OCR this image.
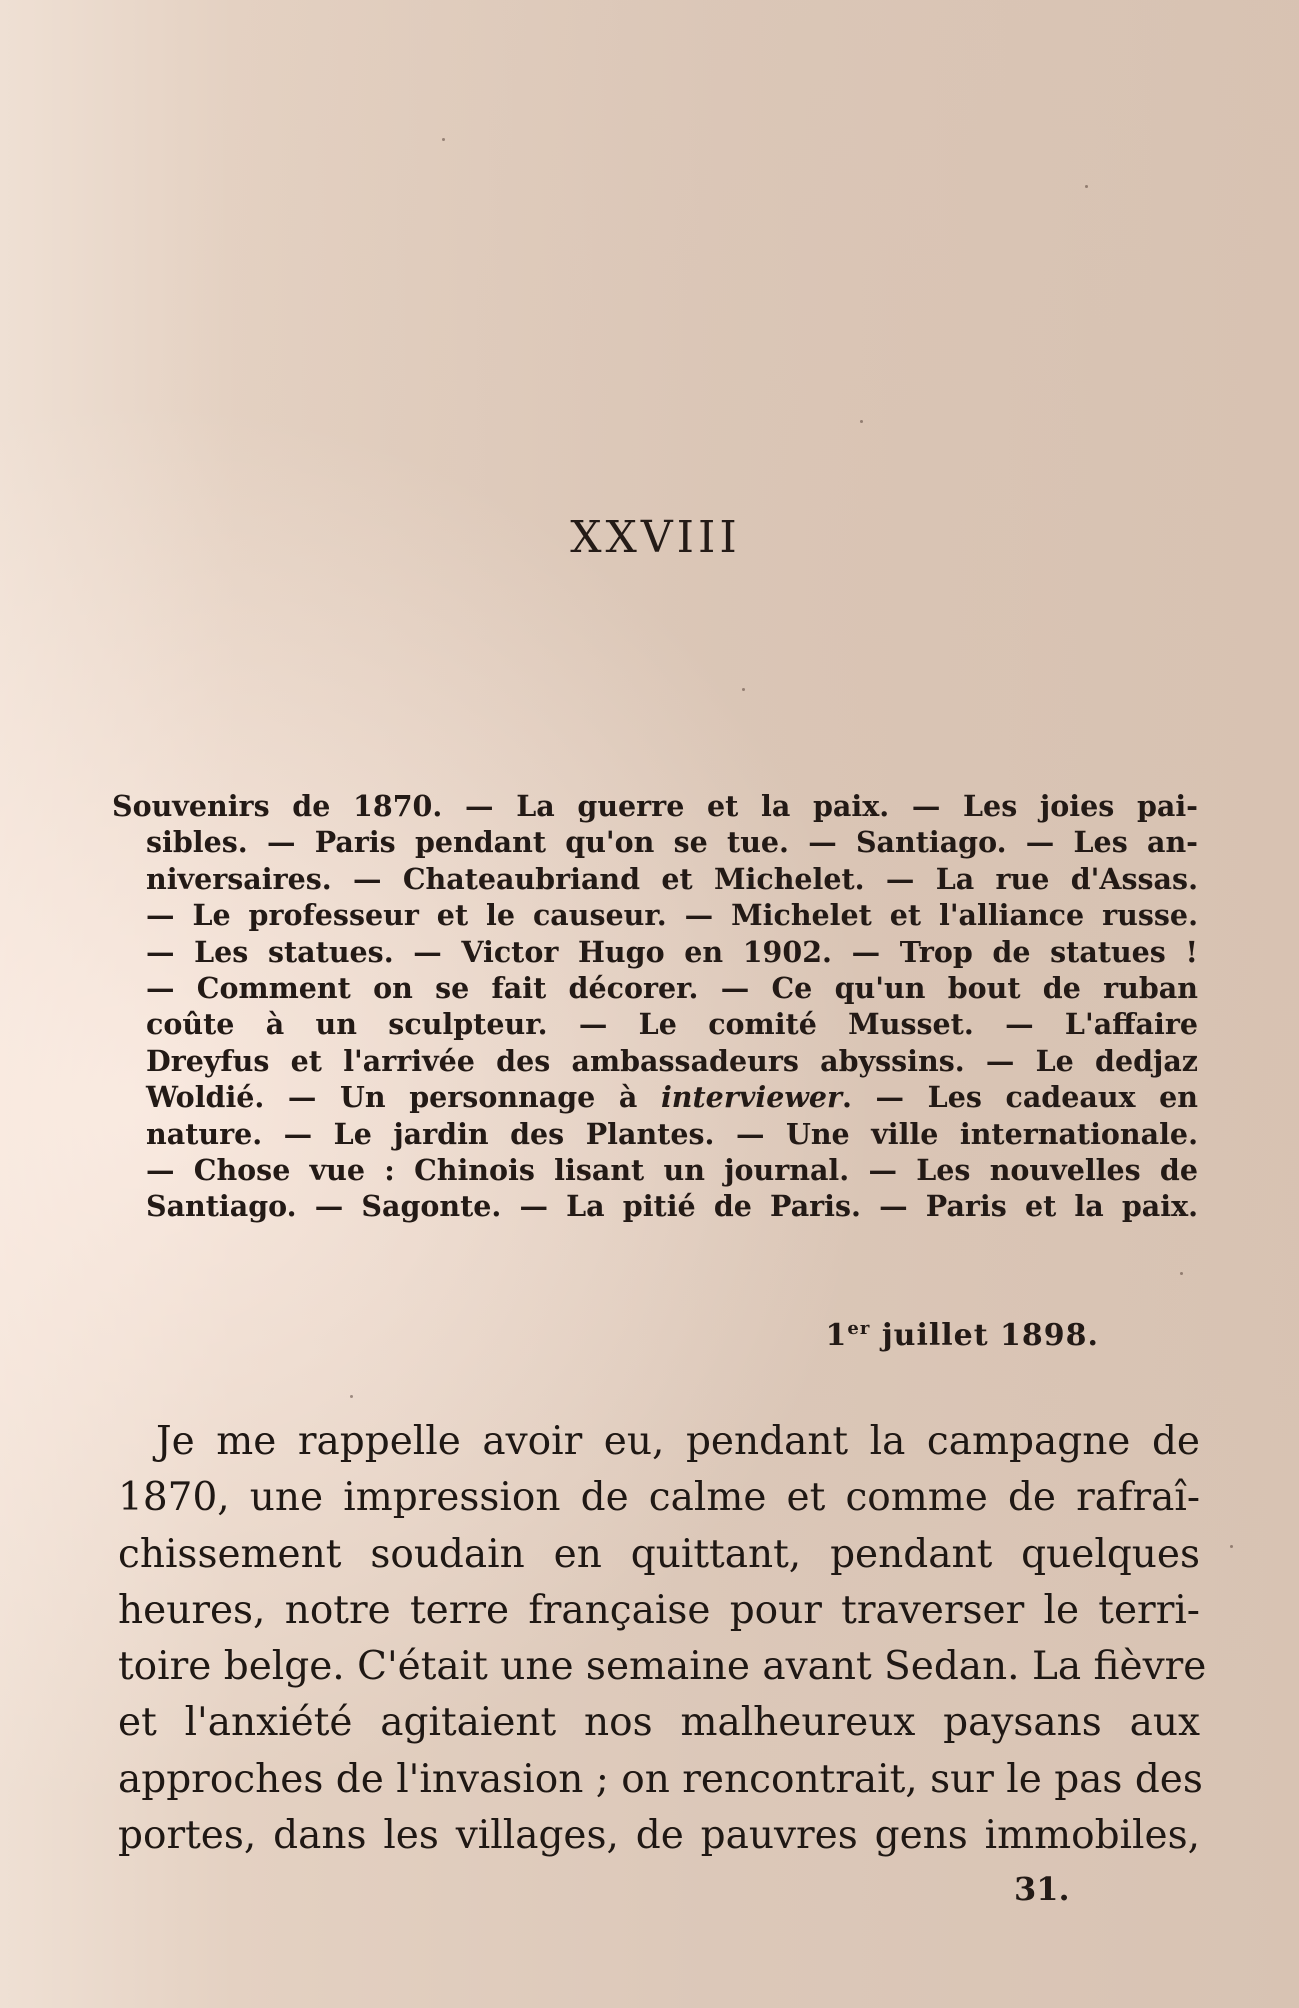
XXVIII
Souvenirs de 1870. — La guerre et la paix. — Les joies pai-
sibles. — Paris pendant qu'on se tue. — Santiago. — Les an-
niversaires. — Chateaubriand et Michelet. — La rue d'Assas.
— Le professeur et le causeur. — Michelet et l'alliance russe.
— Les statues. — Victor Hugo en 1902. — Trop de statues !
— Comment on se fait décorer. — Ce qu'un bout de ruban
coûte à un sculpteur. — Le comité Musset. — L'affaire
Dreyfus et l'arrivée des ambassadeurs abyssins. — Le dedjaz
Woldié. — Un personnage à interviewer. — Les cadeaux en
nature. — Le jardin des Plantes. — Une ville internationale.
— Chose vue : Chinois lisant un journal. — Les nouvelles de
Santiago. — Sagonte. — La pitié de Paris. — Paris et la paix.
1er juillet 1898.
Je me rappelle avoir eu, pendant la campagne de
1870, une impression de calme et comme de rafraî-
chissement soudain en quittant, pendant quelques
heures, notre terre française pour traverser le terri-
toire belge. C'était une semaine avant Sedan. La fièvre
et l'anxiété agitaient nos malheureux paysans aux
approches de l'invasion ; on rencontrait, sur le pas des
portes, dans les villages, de pauvres gens immobiles,
31.
